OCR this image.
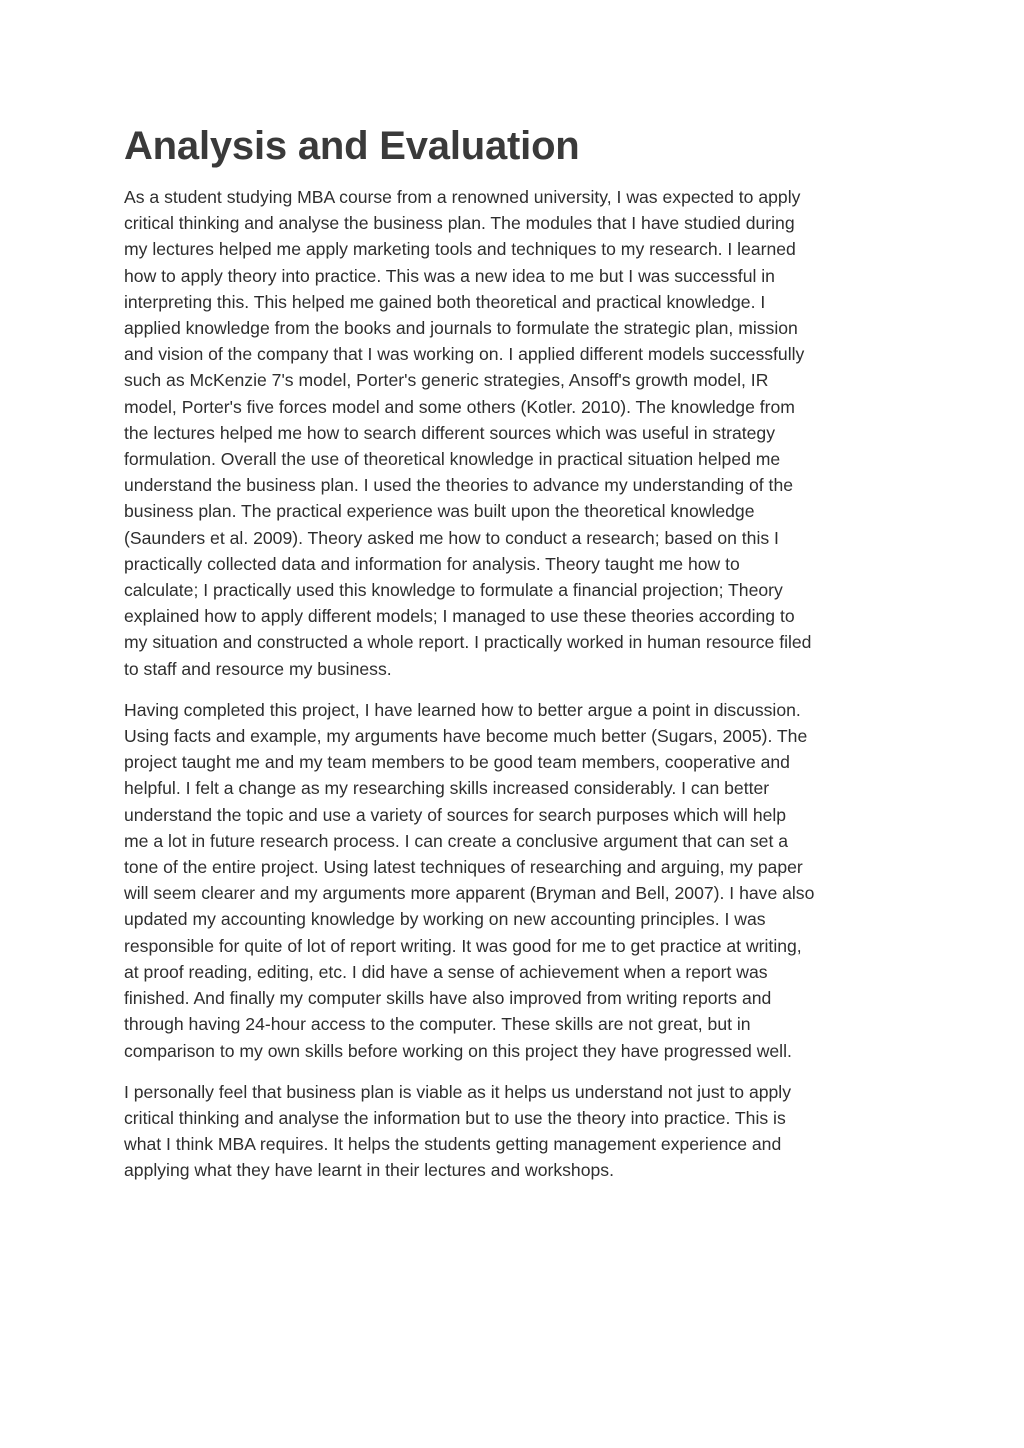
Analysis and Evaluation

As a student studying MBA course from a renowned university, I was expected to apply
critical thinking and analyse the business plan. The modules that I have studied during
my lectures helped me apply marketing tools and techniques to my research. I learned
how to apply theory into practice. This was a new idea to me but I was successful in
interpreting this. This helped me gained both theoretical and practical knowledge. I
applied knowledge from the books and journals to formulate the strategic plan, mission
and vision of the company that I was working on. I applied different models successfully
such as McKenzie 7's model, Porter's generic strategies, Ansoff's growth model, IR
model, Porter's five forces model and some others (Kotler. 2010). The knowledge from
the lectures helped me how to search different sources which was useful in strategy
formulation. Overall the use of theoretical knowledge in practical situation helped me
understand the business plan. I used the theories to advance my understanding of the
business plan. The practical experience was built upon the theoretical knowledge
(Saunders et al. 2009). Theory asked me how to conduct a research; based on this I
practically collected data and information for analysis. Theory taught me how to
calculate; I practically used this knowledge to formulate a financial projection; Theory
explained how to apply different models; I managed to use these theories according to
my situation and constructed a whole report. I practically worked in human resource filed
to staff and resource my business.

Having completed this project, I have learned how to better argue a point in discussion.
Using facts and example, my arguments have become much better (Sugars, 2005). The
project taught me and my team members to be good team members, cooperative and
helpful. I felt a change as my researching skills increased considerably. I can better
understand the topic and use a variety of sources for search purposes which will help
me a lot in future research process. I can create a conclusive argument that can set a
tone of the entire project. Using latest techniques of researching and arguing, my paper
will seem clearer and my arguments more apparent (Bryman and Bell, 2007). I have also
updated my accounting knowledge by working on new accounting principles. I was
responsible for quite of lot of report writing. It was good for me to get practice at writing,
at proof reading, editing, etc. I did have a sense of achievement when a report was
finished. And finally my computer skills have also improved from writing reports and
through having 24-hour access to the computer. These skills are not great, but in
comparison to my own skills before working on this project they have progressed well.

I personally feel that business plan is viable as it helps us understand not just to apply
critical thinking and analyse the information but to use the theory into practice. This is
what I think MBA requires. It helps the students getting management experience and
applying what they have learnt in their lectures and workshops.
